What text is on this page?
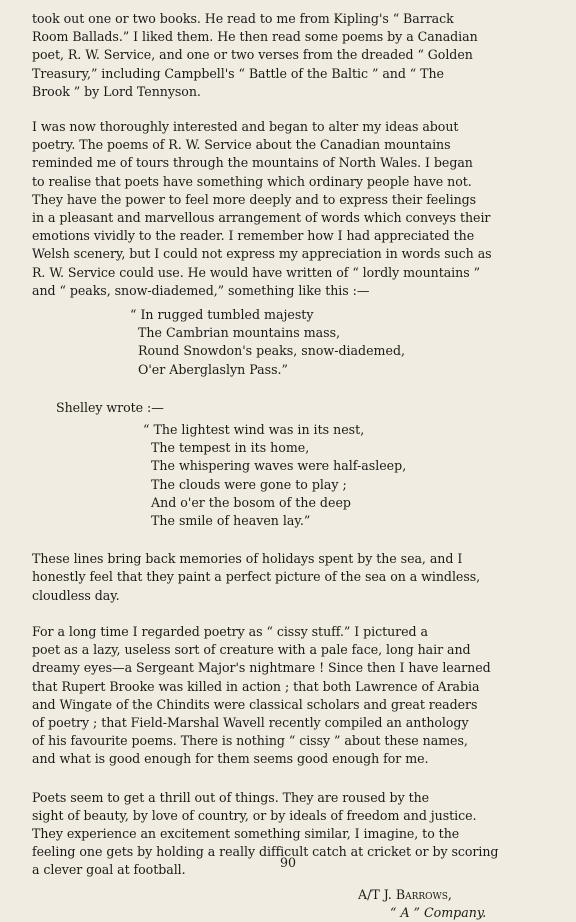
took out one or two books. He read to me from Kipling's “ Barrack
Room Ballads.” I liked them. He then read some poems by a Canadian
poet, R. W. Service, and one or two verses from the dreaded “ Golden
Treasury,” including Campbell's “ Battle of the Baltic ” and “ The
Brook ” by Lord Tennyson.

I was now thoroughly interested and began to alter my ideas about
poetry. The poems of R. W. Service about the Canadian mountains
reminded me of tours through the mountains of North Wales. I began
to realise that poets have something which ordinary people have not.
They have the power to feel more deeply and to express their feelings
in a pleasant and marvellous arrangement of words which conveys their
emotions vividly to the reader. I remember how I had appreciated the
Welsh scenery, but I could not express my appreciation in words such as
R. W. Service could use. He would have written of “ lordly mountains ”
and “ peaks, snow-diademed,” something like this :—

“ In rugged tumbled majesty
The Cambrian mountains mass,
Round Snowdon's peaks, snow-diademed,
O'er Aberglaslyn Pass.”

Shelley wrote :—

“ The lightest wind was in its nest,
The tempest in its home,
The whispering waves were half-asleep,
The clouds were gone to play ;
And o'er the bosom of the deep
The smile of heaven lay.”

These lines bring back memories of holidays spent by the sea, and I
honestly feel that they paint a perfect picture of the sea on a windless,
cloudless day.

For a long time I regarded poetry as “ cissy stuff.” I pictured a
poet as a lazy, useless sort of creature with a pale face, long hair and
dreamy eyes—a Sergeant Major's nightmare ! Since then I have learned
that Rupert Brooke was killed in action ; that both Lawrence of Arabia
and Wingate of the Chindits were classical scholars and great readers
of poetry ; that Field-Marshal Wavell recently compiled an anthology
of his favourite poems. There is nothing “ cissy ” about these names,
and what is good enough for them seems good enough for me.

Poets seem to get a thrill out of things. They are roused by the
sight of beauty, by love of country, or by ideals of freedom and justice.
They experience an excitement something similar, I imagine, to the
feeling one gets by holding a really difficult catch at cricket or by scoring
a clever goal at football.

A/T J. Barrows,
“ A ” Company.
90
